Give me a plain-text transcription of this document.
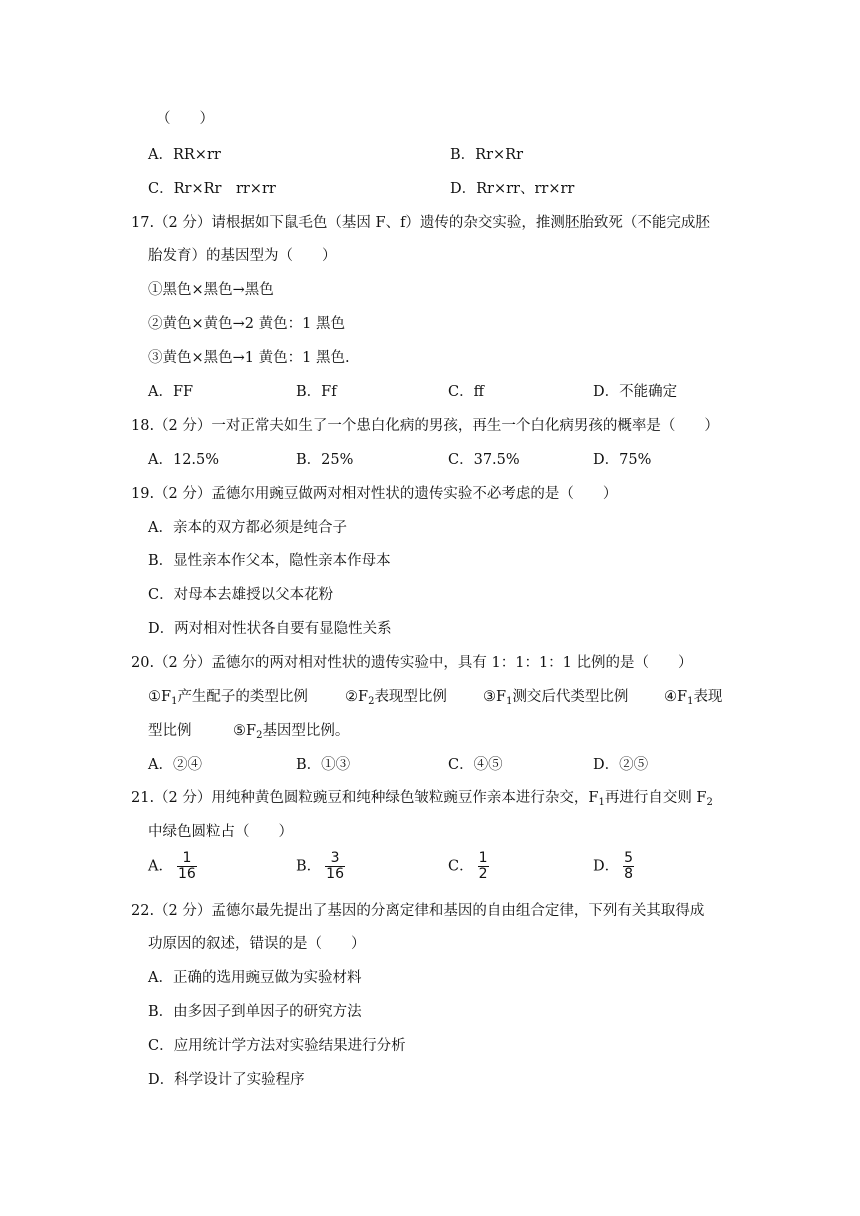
（　　）
A．RR×rr	B．Rr×Rr
C．Rr×Rr　rr×rr	D．Rr×rr、rr×rr
17.（2 分）请根据如下鼠毛色（基因 F、f）遗传的杂交实验，推测胚胎致死（不能完成胚
胎发育）的基因型为（　　）
①黑色×黑色→黑色
②黄色×黄色→2 黄色：1 黑色
③黄色×黑色→1 黄色：1 黑色.
A．FF	B．Ff	C．ff	D．不能确定
18.（2 分）一对正常夫如生了一个患白化病的男孩，再生一个白化病男孩的概率是（　　）
A．12.5%	B．25%	C．37.5%	D．75%
19.（2 分）孟德尔用豌豆做两对相对性状的遗传实验不必考虑的是（　　）
A．亲本的双方都必须是纯合子
B．显性亲本作父本，隐性亲本作母本
C．对母本去雄授以父本花粉
D．两对相对性状各自要有显隐性关系
20.（2 分）孟德尔的两对相对性状的遗传实验中，具有 1：1：1：1 比例的是（　　）
$①F_1$产生配子的类型比例	$②F_2$表现型比例 $③F_1$测交后代类型比例 $④F_1$表现
型比例	$⑤F_2$基因型比例。
A．②④	B．①③	C．④⑤	D．②⑤
21.（2 分）用纯种黄色圆粒豌豆和纯种绿色皱粒豌豆作亲本进行杂交，$F_1$再进行自交则 $F_2$
中绿色圆粒占（　　）
A． $\frac{1}{16}$	B． $\frac{3}{16}$	C． $\frac{1}{2}$	D． $\frac{5}{8}$
22.（2 分）孟德尔最先提出了基因的分离定律和基因的自由组合定律，下列有关其取得成
功原因的叙述，错误的是（　　）
A．正确的选用豌豆做为实验材料
B．由多因子到单因子的研究方法
C．应用统计学方法对实验结果进行分析
D．科学设计了实验程序
